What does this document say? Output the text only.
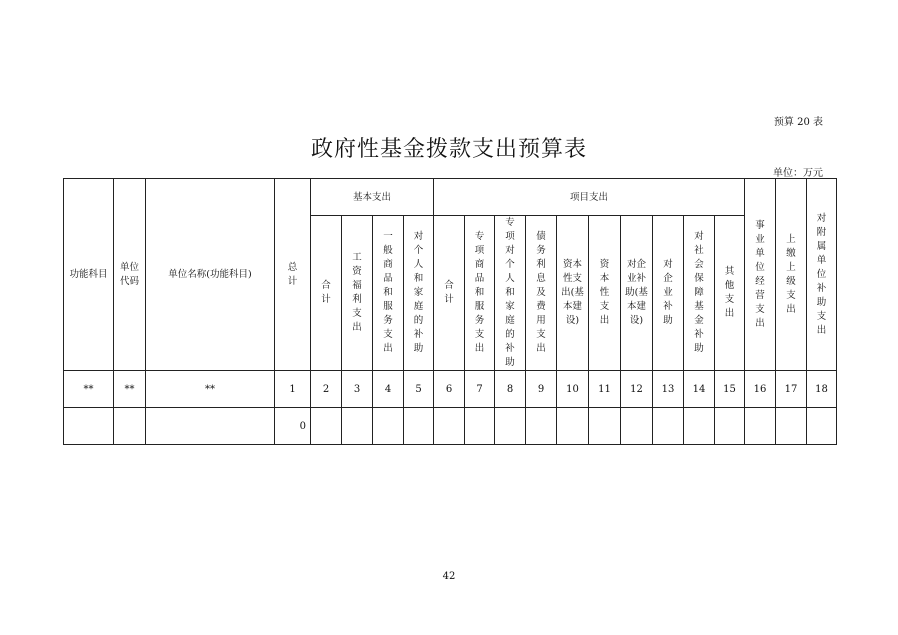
预算 20 表
政府性基金拨款支出预算表
单位：万元
功能科目	单位代码	单位名称(功能科目)	总计	基本支出				项目支出										事业单位经营支出	上缴上级支出	对附属单位补助支出
				合计	工资福利支出	一般商品和服务支出	对个人和家庭的补助	合计	专项商品和服务支出	专项对个人和家庭的补助	债务利息及费用支出	资本性支出(基本建设)	资本性支出	对企业补助(基本建设)	对企业补助	对社会保障基金补助	其他支出			
**	**	**	1	2	3	4	5	6	7	8	9	10	11	12	13	14	15	16	17	18
			0																	
42
